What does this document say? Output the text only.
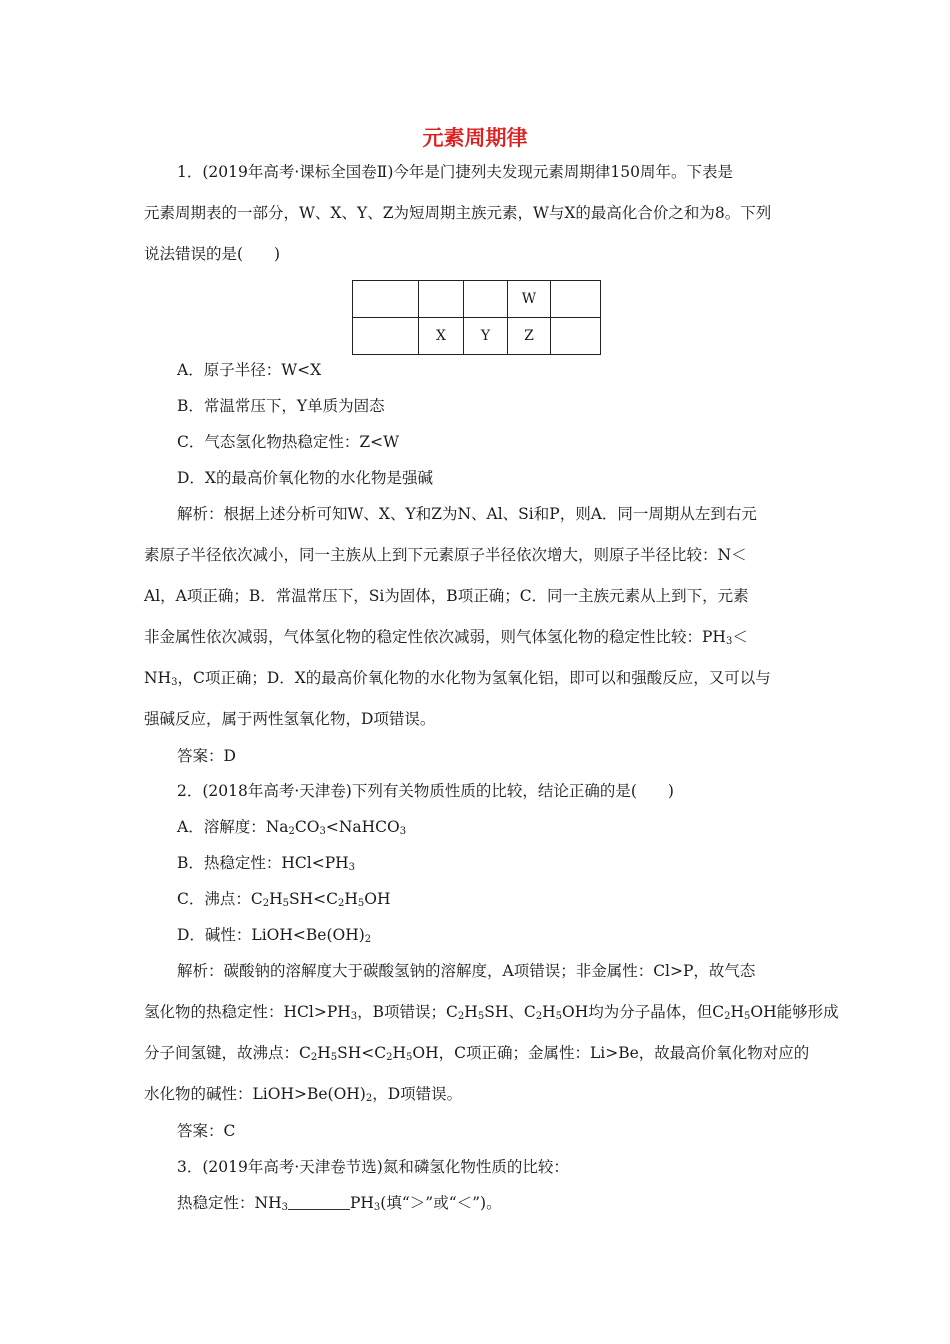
元素周期律
1．(2019年高考·课标全国卷Ⅱ)今年是门捷列夫发现元素周期律150周年。下表是
元素周期表的一部分，W、X、Y、Z为短周期主族元素，W与X的最高化合价之和为8。下列
说法错误的是(　　)
			W	
	X	Y	Z	
A．原子半径：W<X
B．常温常压下，Y单质为固态
C．气态氢化物热稳定性：Z<W
D．X的最高价氧化物的水化物是强碱
解析：根据上述分析可知W、X、Y和Z为N、Al、Si和P，则A．同一周期从左到右元
素原子半径依次减小，同一主族从上到下元素原子半径依次增大，则原子半径比较：N＜
Al，A项正确；B．常温常压下，Si为固体，B项正确；C．同一主族元素从上到下，元素
非金属性依次减弱，气体氢化物的稳定性依次减弱，则气体氢化物的稳定性比较：$PH_3<$
$NH_3$，C项正确；D．X的最高价氧化物的水化物为氢氧化铝，即可以和强酸反应，又可以与
强碱反应，属于两性氢氧化物，D项错误。
答案：D
2．(2018年高考·天津卷)下列有关物质性质的比较，结论正确的是(　　)
A．溶解度：$Na_2CO_3<NaHCO_3$
B．热稳定性：$HCl<PH_3$
C．沸点：$C_2H_5SH<C_2H_5OH$
D．碱性：$LiOH<Be(OH)_2$
解析：碳酸钠的溶解度大于碳酸氢钠的溶解度，A项错误；非金属性：Cl>P，故气态
氢化物的热稳定性：$HCl>PH_3$，B项错误；$C_2H_5SH$、$C_2H_5OH$均为分子晶体，但$C_2H_5OH$能够形成
分子间氢键，故沸点：$C_2H_5SH<C_2H_5OH$，C项正确；金属性：Li>Be，故最高价氧化物对应的
水化物的碱性：$LiOH>Be(OH)_2$，D项错误。
答案：C
3．(2019年高考·天津卷节选)氮和磷氢化物性质的比较：
热稳定性：$NH_3$	$PH_3$(填“＞”或“＜”)。
